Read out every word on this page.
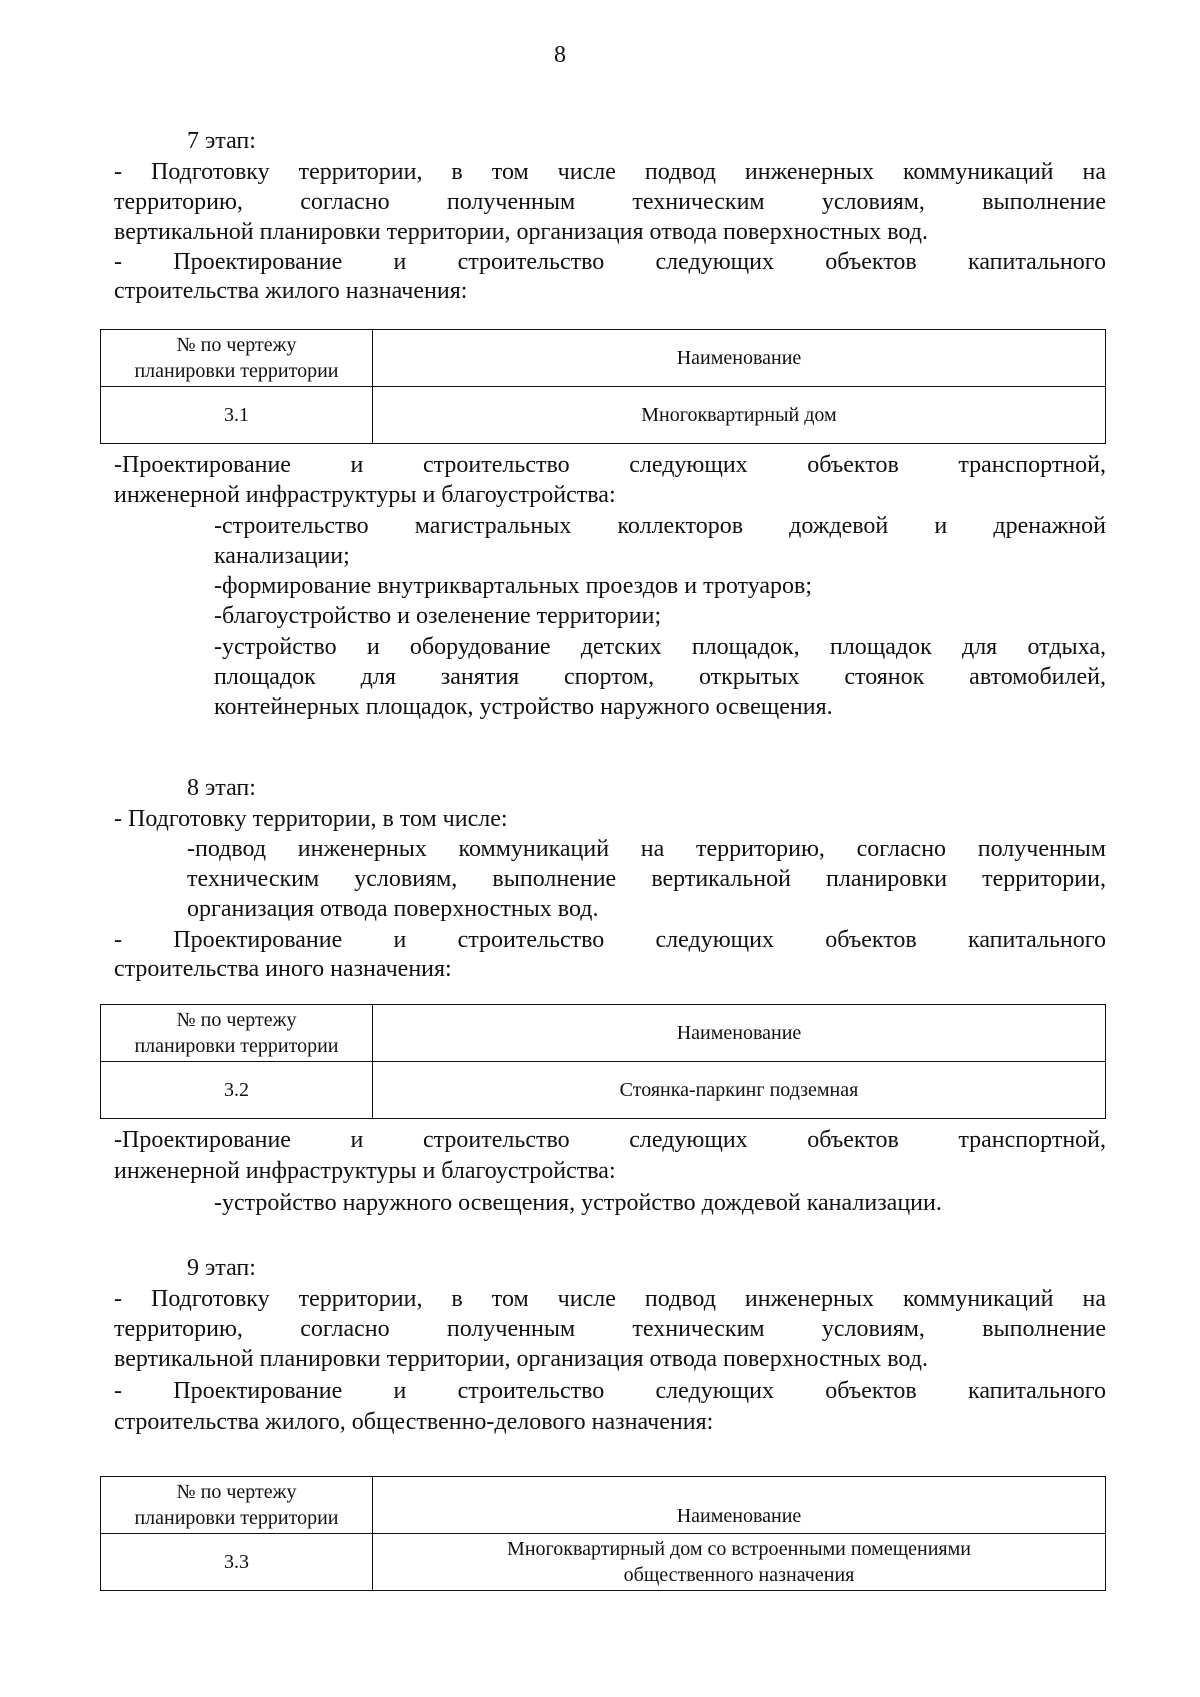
8
7 этап:
- Подготовку территории, в том числе подвод инженерных коммуникаций на
территорию, согласно полученным техническим условиям, выполнение
вертикальной планировки территории, организация отвода поверхностных вод.
- Проектирование и строительство следующих объектов капитального
строительства жилого назначения:
№ по чертежу
планировки территории	Наименование
3.1	Многоквартирный дом
-Проектирование и строительство следующих объектов транспортной,
инженерной инфраструктуры и благоустройства:
-строительство магистральных коллекторов дождевой и дренажной
канализации;
-формирование внутриквартальных проездов и тротуаров;
-благоустройство и озеленение территории;
-устройство и оборудование детских площадок, площадок для отдыха,
площадок для занятия спортом, открытых стоянок автомобилей,
контейнерных площадок, устройство наружного освещения.
8 этап:
- Подготовку территории, в том числе:
-подвод инженерных коммуникаций на территорию, согласно полученным
техническим условиям, выполнение вертикальной планировки территории,
организация отвода поверхностных вод.
- Проектирование и строительство следующих объектов капитального
строительства иного назначения:
№ по чертежу
планировки территории	Наименование
3.2	Стоянка-паркинг подземная
-Проектирование и строительство следующих объектов транспортной,
инженерной инфраструктуры и благоустройства:
-устройство наружного освещения, устройство дождевой канализации.
9 этап:
- Подготовку территории, в том числе подвод инженерных коммуникаций на
территорию, согласно полученным техническим условиям, выполнение
вертикальной планировки территории, организация отвода поверхностных вод.
- Проектирование и строительство следующих объектов капитального
строительства жилого, общественно-делового назначения:
№ по чертежу
планировки территории	Наименование
3.3	Многоквартирный дом со встроенными помещениями
общественного назначения
